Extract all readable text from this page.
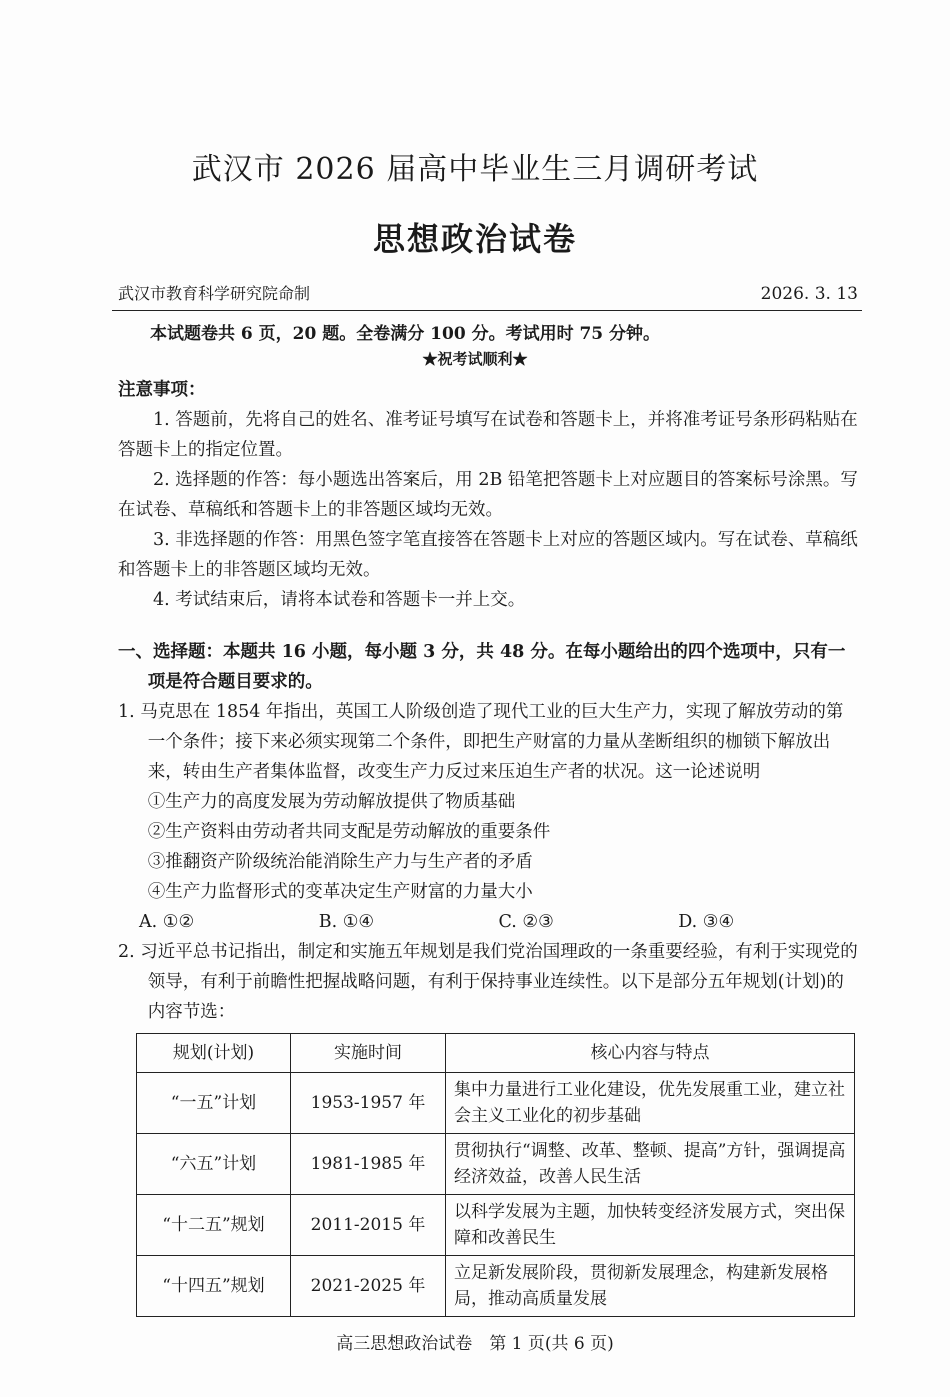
武汉市 2026 届高中毕业生三月调研考试
思想政治试卷
武汉市教育科学研究院命制	2026. 3. 13
本试题卷共 6 页，20 题。全卷满分 100 分。考试用时 75 分钟。
★祝考试顺利★
注意事项：

1. 答题前，先将自己的姓名、准考证号填写在试卷和答题卡上，并将准考证号条形码粘贴在答题卡上的指定位置。

2. 选择题的作答：每小题选出答案后，用 2B 铅笔把答题卡上对应题目的答案标号涂黑。写在试卷、草稿纸和答题卡上的非答题区域均无效。

3. 非选择题的作答：用黑色签字笔直接答在答题卡上对应的答题区域内。写在试卷、草稿纸和答题卡上的非答题区域均无效。

4. 考试结束后，请将本试卷和答题卡一并上交。

一、选择题：本题共 16 小题，每小题 3 分，共 48 分。在每小题给出的四个选项中，只有一项是符合题目要求的。

1. 马克思在 1854 年指出，英国工人阶级创造了现代工业的巨大生产力，实现了解放劳动的第一个条件；接下来必须实现第二个条件，即把生产财富的力量从垄断组织的枷锁下解放出来，转由生产者集体监督，改变生产力反过来压迫生产者的状况。这一论述说明

①生产力的高度发展为劳动解放提供了物质基础

②生产资料由劳动者共同支配是劳动解放的重要条件

③推翻资产阶级统治能消除生产力与生产者的矛盾

④生产力监督形式的变革决定生产财富的力量大小

A. ①②	B. ①④	C. ②③	D. ③④

2. 习近平总书记指出，制定和实施五年规划是我们党治国理政的一条重要经验，有利于实现党的领导，有利于前瞻性把握战略问题，有利于保持事业连续性。以下是部分五年规划(计划)的内容节选：

规划(计划)	实施时间	核心内容与特点
“一五”计划	1953-1957 年	集中力量进行工业化建设，优先发展重工业，建立社会主义工业化的初步基础
“六五”计划	1981-1985 年	贯彻执行“调整、改革、整顿、提高”方针，强调提高经济效益，改善人民生活
“十二五”规划	2011-2015 年	以科学发展为主题，加快转变经济发展方式，突出保障和改善民生
“十四五”规划	2021-2025 年	立足新发展阶段，贯彻新发展理念，构建新发展格局，推动高质量发展
高三思想政治试卷　第 1 页(共 6 页)
